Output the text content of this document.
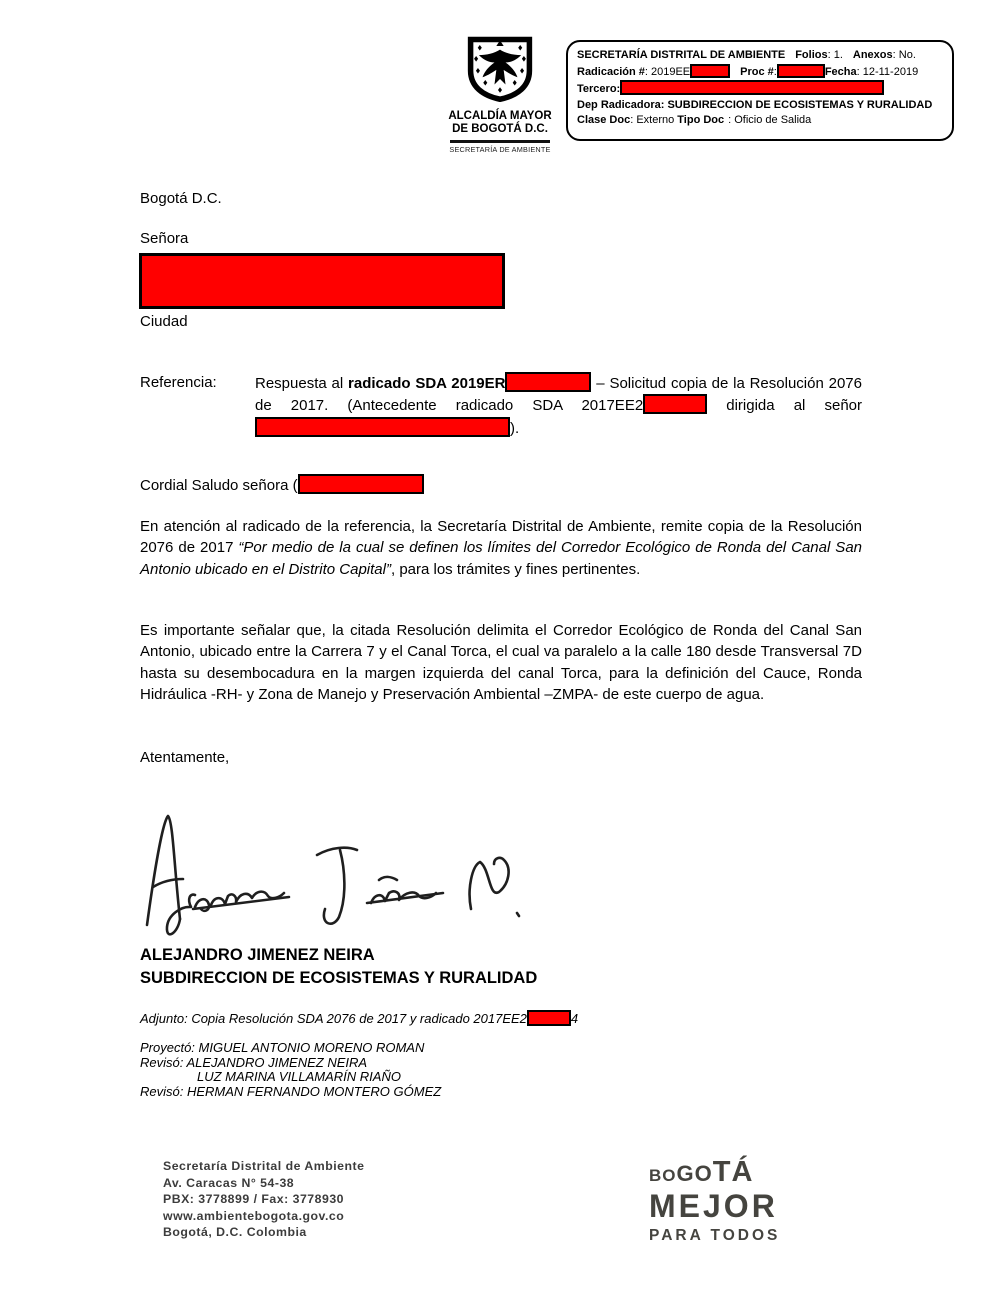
ALCALDÍA MAYOR
DE BOGOTÁ D.C.
SECRETARÍA DE AMBIENTE
SECRETARÍA DISTRITAL DE AMBIENTE Folios: 1. Anexos: No.
Radicación #: 2019EE	Proc #:	Fecha: 12-11-2019
Tercero:
Dep Radicadora: SUBDIRECCION DE ECOSISTEMAS Y RURALIDAD
Clase Doc: Externo Tipo Doc : Oficio de Salida
Bogotá D.C.
Señora
Ciudad
Referencia:	Respuesta al radicado SDA 2019ER	– Solicitud copia de la Resolución 2076 de 2017. (Antecedente radicado SDA 2017EE2	dirigida al señor ).
Cordial Saludo señora (
En atención al radicado de la referencia, la Secretaría Distrital de Ambiente, remite copia de la Resolución 2076 de 2017 “Por medio de la cual se definen los límites del Corredor Ecológico de Ronda del Canal San Antonio ubicado en el Distrito Capital”, para los trámites y fines pertinentes.
Es importante señalar que, la citada Resolución delimita el Corredor Ecológico de Ronda del Canal San Antonio, ubicado entre la Carrera 7 y el Canal Torca, el cual va paralelo a la calle 180 desde Transversal 7D hasta su desembocadura en la margen izquierda del canal Torca, para la definición del Cauce, Ronda Hidráulica -RH- y Zona de Manejo y Preservación Ambiental –ZMPA- de este cuerpo de agua.
Atentamente,
ALEJANDRO JIMENEZ NEIRA
SUBDIRECCION DE ECOSISTEMAS Y RURALIDAD
Adjunto: Copia Resolución SDA 2076 de 2017 y radicado 2017EE2	4
Proyectó: MIGUEL ANTONIO MORENO ROMAN
Revisó: ALEJANDRO JIMENEZ NEIRA
LUZ MARINA VILLAMARÍN RIAÑO
Revisó: HERMAN FERNANDO MONTERO GÓMEZ
Secretaría Distrital de Ambiente
Av. Caracas N° 54-38
PBX: 3778899 / Fax: 3778930
www.ambientebogota.gov.co
Bogotá, D.C. Colombia
BOGOTÁ
MEJOR
PARA TODOS
